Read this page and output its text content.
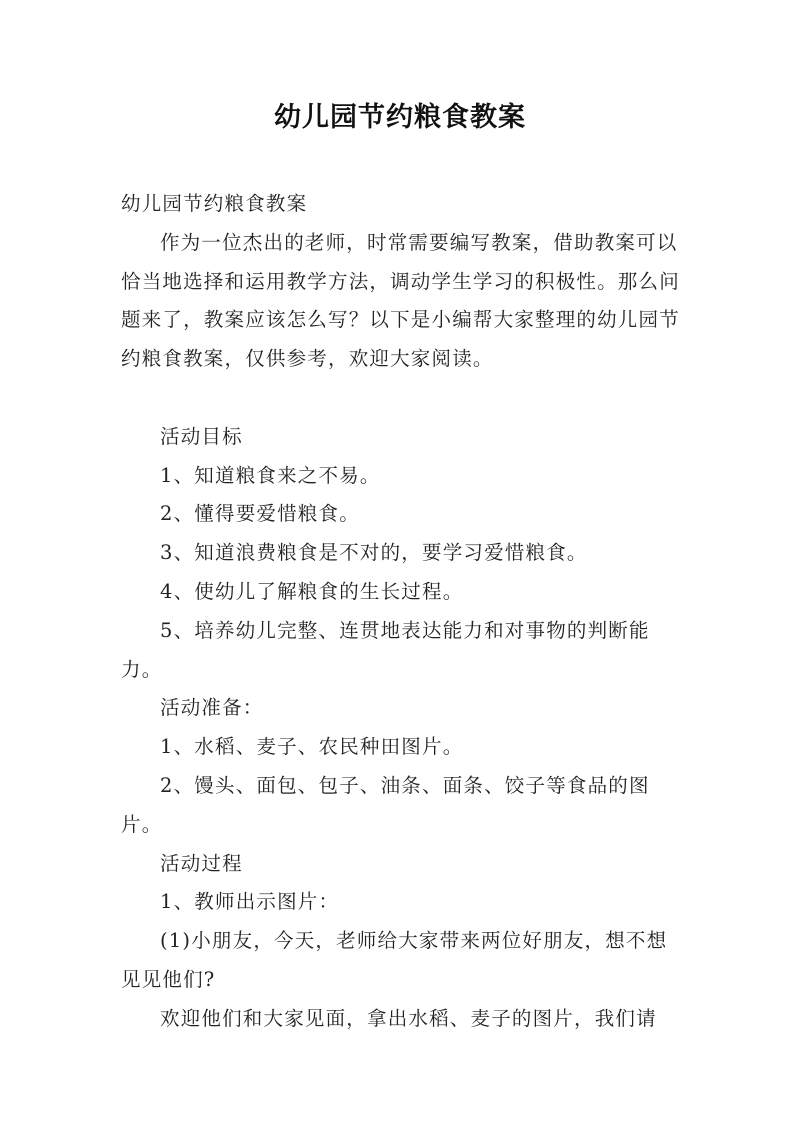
幼儿园节约粮食教案

幼儿园节约粮食教案

作为一位杰出的老师，时常需要编写教案，借助教案可以恰当地选择和运用教学方法，调动学生学习的积极性。那么问题来了，教案应该怎么写？以下是小编帮大家整理的幼儿园节约粮食教案，仅供参考，欢迎大家阅读。

活动目标

1、知道粮食来之不易。

2、懂得要爱惜粮食。

3、知道浪费粮食是不对的，要学习爱惜粮食。

4、使幼儿了解粮食的生长过程。

5、培养幼儿完整、连贯地表达能力和对事物的判断能力。

活动准备：

1、水稻、麦子、农民种田图片。

2、馒头、面包、包子、油条、面条、饺子等食品的图片。

活动过程

1、教师出示图片：

(1)小朋友，今天，老师给大家带来两位好朋友，想不想见见他们?

欢迎他们和大家见面，拿出水稻、麦子的图片，我们请
